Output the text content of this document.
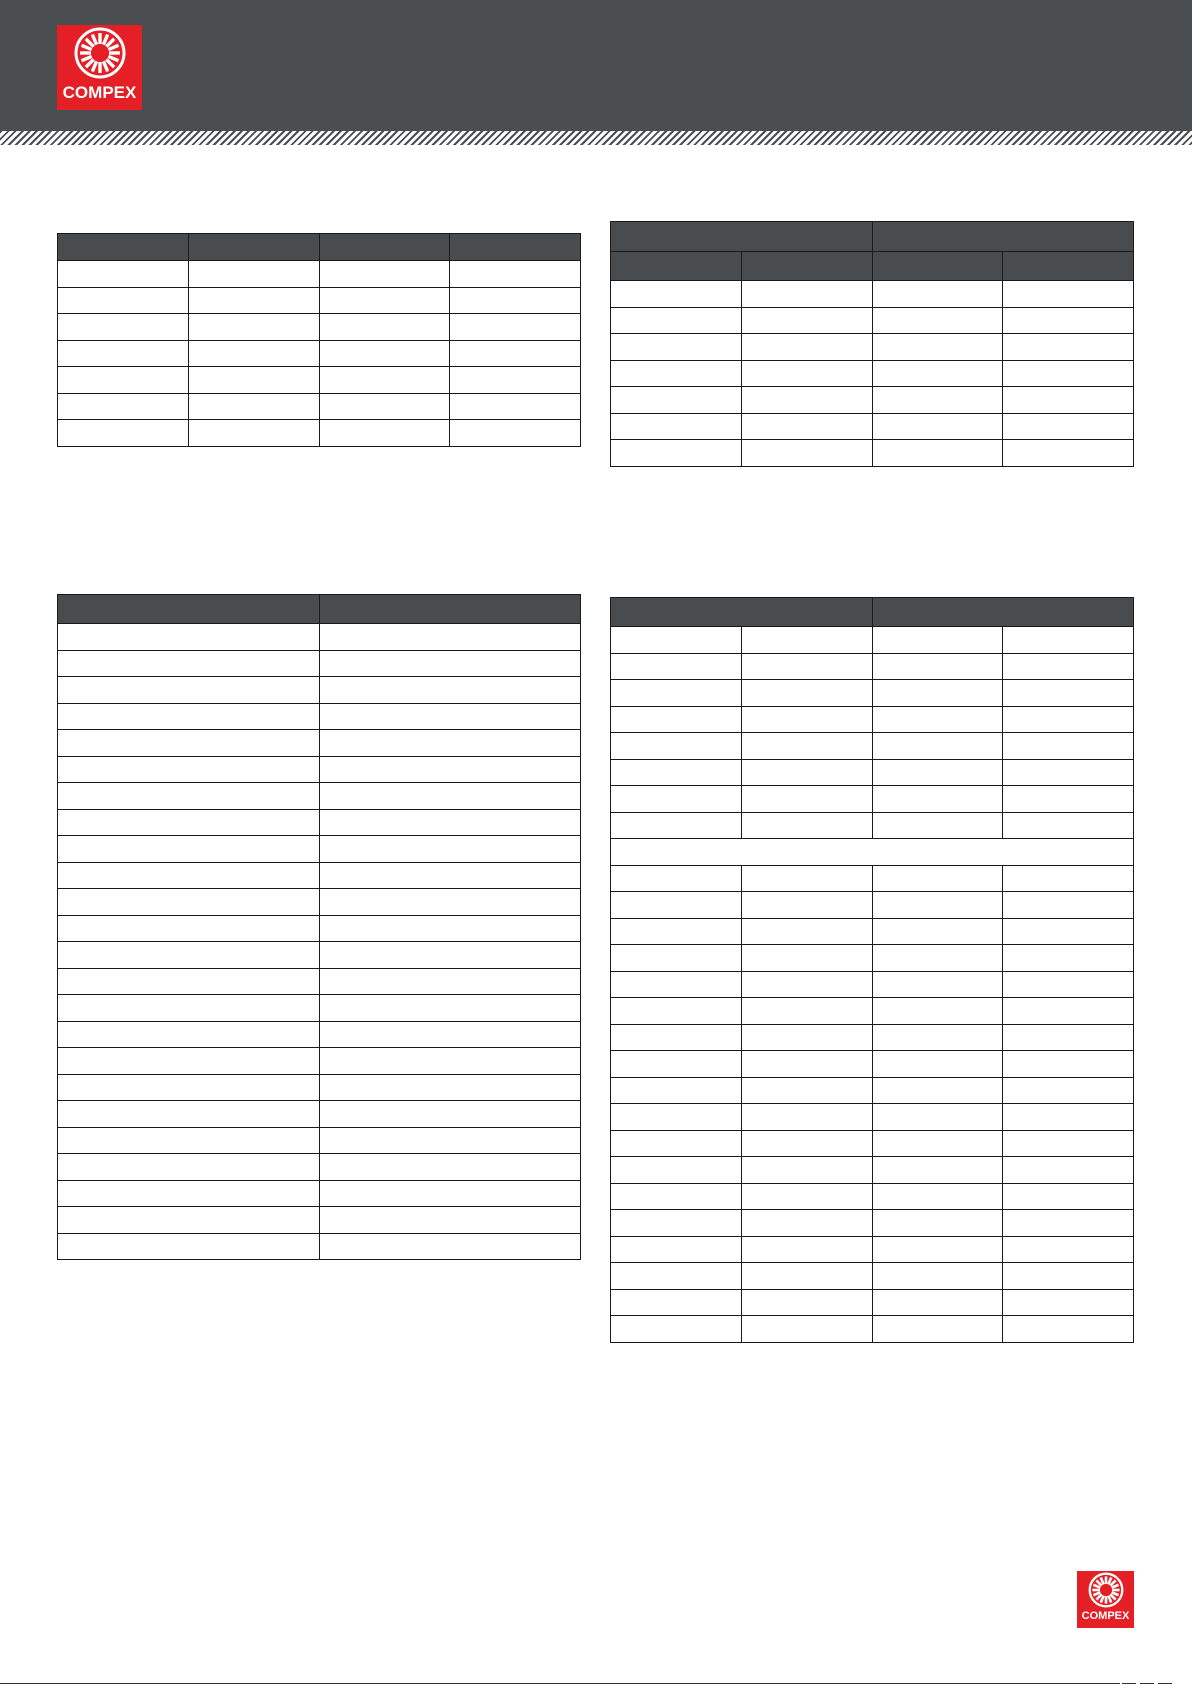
COMPEX

COMPEX
